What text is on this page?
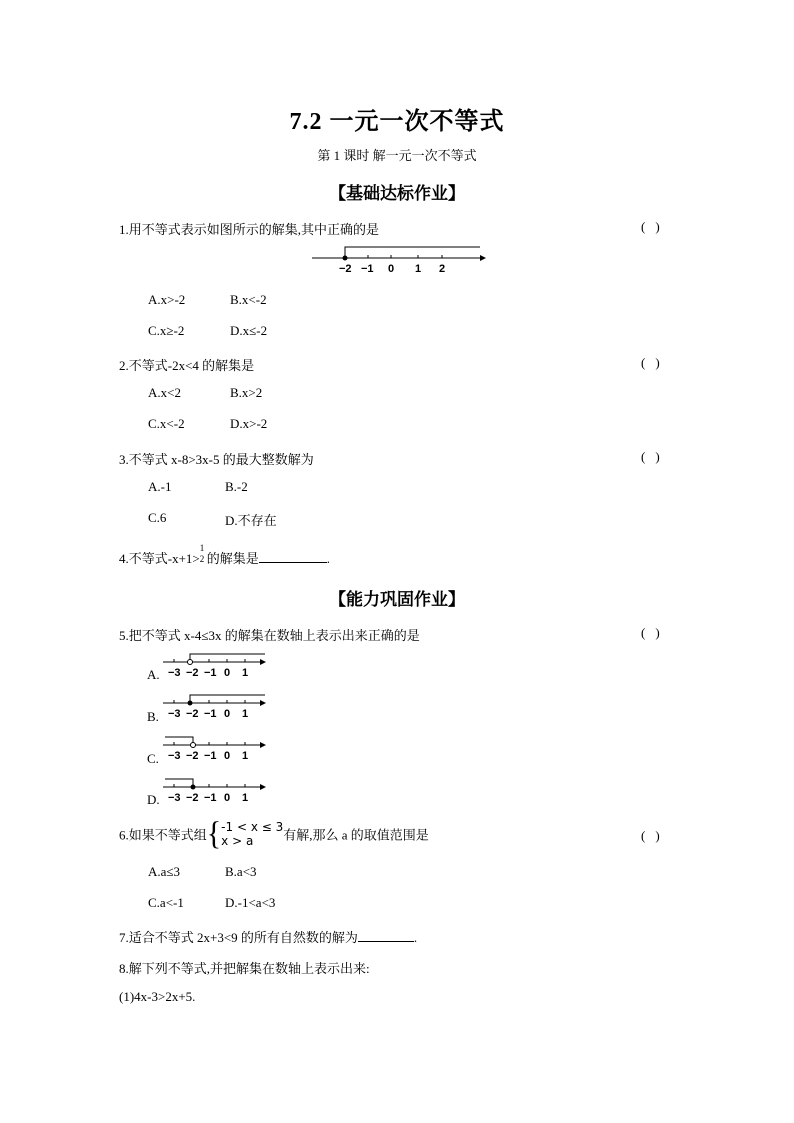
7.2 一元一次不等式
第 1 课时 解一元一次不等式
【基础达标作业】
1.用不等式表示如图所示的解集,其中正确的是	()
−2 −1 0 1 2
A.x>-2	B.x<-2
C.x≥-2	D.x≤-2
2.不等式-2x<4 的解集是	()
A.x<2	B.x>2
C.x<-2	D.x>-2
3.不等式 x-8>3x-5 的最大整数解为	()
A.-1	B.-2
C.6	D.不存在
4.不等式-x+1>
1
2 的解集是	.
【能力巩固作业】
5.把不等式 x-4≤3x 的解集在数轴上表示出来正确的是	()
A. −3 −2 −1 0 1
B. −3 −2 −1 0 1
C. −3 −2 −1 0 1
D. −3 −2 −1 0 1
6.如果不等式组{ -1 < x ≤ 3
x > a	有解,那么 a 的取值范围是	()
A.a≤3	B.a<3
C.a<-1	D.-1<a<3
7.适合不等式 2x+3<9 的所有自然数的解为	.
8.解下列不等式,并把解集在数轴上表示出来:
(1)4x-3>2x+5.
